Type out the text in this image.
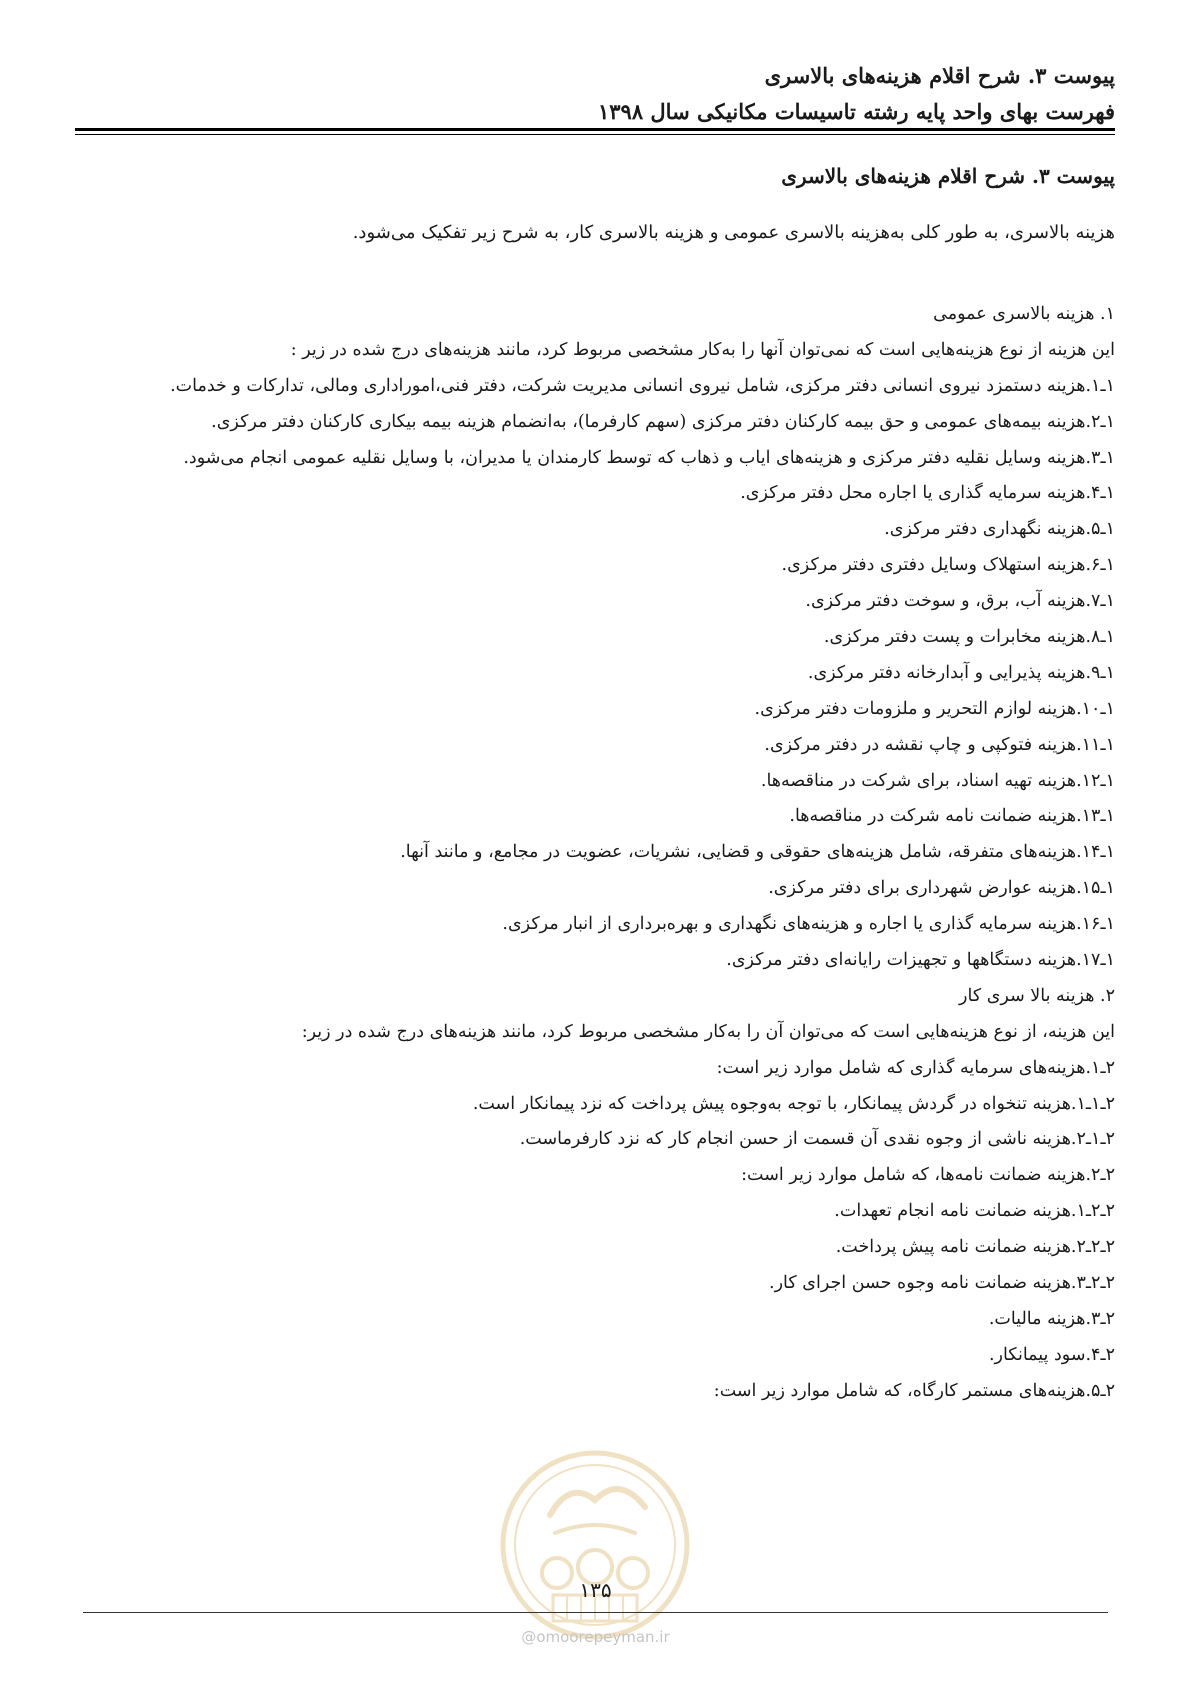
پیوست ۳. شرح اقلام هزینه‌های بالاسری
فهرست بهای واحد پایه رشته تاسیسات مکانیکی سال ۱۳۹۸
پیوست ۳. شرح اقلام هزینه‌های بالاسری
هزینه بالاسری، به طور کلی به‌هزینه بالاسری عمومی و هزینه بالاسری کار، به شرح زیر تفکیک می‌شود.
۱. هزینه بالاسری عمومی
این هزینه از نوع هزینه‌هایی است که نمی‌توان آنها را به‌کار مشخصی مربوط کرد، مانند هزینه‌های درج شده در زیر :
۱ـ۱.هزینه دستمزد نیروی انسانی دفتر مرکزی، شامل نیروی انسانی مدیریت شرکت، دفتر فنی،اموراداری ومالی، تدارکات و خدمات.
۱ـ۲.هزینه بیمه‌های عمومی و حق بیمه کارکنان دفتر مرکزی (سهم کارفرما)، به‌انضمام هزینه بیمه بیکاری کارکنان دفتر مرکزی.
۱ـ۳.هزینه وسایل نقلیه دفتر مرکزی و هزینه‌های ایاب و ذهاب که توسط کارمندان یا مدیران، با وسایل نقلیه عمومی انجام می‌شود.
۱ـ۴.هزینه سرمایه گذاری یا اجاره محل دفتر مرکزی.
۱ـ۵.هزینه نگهداری دفتر مرکزی.
۱ـ۶.هزینه استهلاک وسایل دفتری دفتر مرکزی.
۱ـ۷.هزینه آب، برق، و سوخت دفتر مرکزی.
۱ـ۸.هزینه مخابرات و پست دفتر مرکزی.
۱ـ۹.هزینه پذیرایی و آبدارخانه دفتر مرکزی.
۱ـ۱۰.هزینه لوازم التحریر و ملزومات دفتر مرکزی.
۱ـ۱۱.هزینه فتوکپی و چاپ نقشه در دفتر مرکزی.
۱ـ۱۲.هزینه تهیه اسناد، برای شرکت در مناقصه‌ها.
۱ـ۱۳.هزینه ضمانت نامه شرکت در مناقصه‌ها.
۱ـ۱۴.هزینه‌های متفرقه، شامل هزینه‌های حقوقی و قضایی، نشریات، عضویت در مجامع، و مانند آنها.
۱ـ۱۵.هزینه عوارض شهرداری برای دفتر مرکزی.
۱ـ۱۶.هزینه سرمایه گذاری یا اجاره و هزینه‌های نگهداری و بهره‌برداری از انبار مرکزی.
۱ـ۱۷.هزینه دستگاهها و تجهیزات رایانه‌ای دفتر مرکزی.
۲. هزینه بالا سری کار
این هزینه، از نوع هزینه‌هایی است که می‌توان آن را به‌کار مشخصی مربوط کرد، مانند هزینه‌های درج شده در زیر:
۲ـ۱.هزینه‌های سرمایه گذاری که شامل موارد زیر است:
۲ـ۱ـ۱.هزینه تنخواه در گردش پیمانکار، با توجه به‌وجوه پیش پرداخت که نزد پیمانکار است.
۲ـ۱ـ۲.هزینه ناشی از وجوه نقدی آن قسمت از حسن انجام کار که نزد کارفرماست.
۲ـ۲.هزینه ضمانت نامه‌ها، که شامل موارد زیر است:
۲ـ۲ـ۱.هزینه ضمانت نامه انجام تعهدات.
۲ـ۲ـ۲.هزینه ضمانت نامه پیش پرداخت.
۲ـ۲ـ۳.هزینه ضمانت نامه وجوه حسن اجرای کار.
۲ـ۳.هزینه مالیات.
۲ـ۴.سود پیمانکار.
۲ـ۵.هزینه‌های مستمر کارگاه، که شامل موارد زیر است:
۱۳۵
@omoorepeyman.ir
